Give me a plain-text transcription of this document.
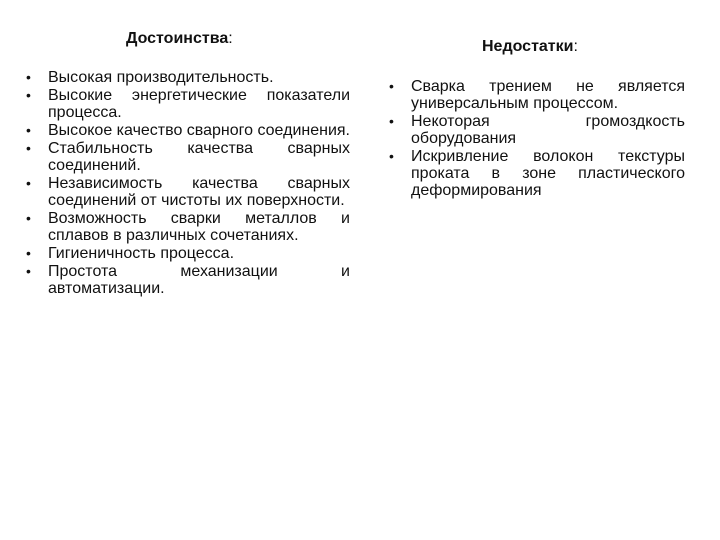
Достоинства:
• Высокая производительность.
• Высокие энергетические показатели процесса.
• Высокое качество сварного соединения.
• Стабильность качества сварных соединений.
• Независимость качества сварных соединений от чистоты их поверхности.
• Возможность сварки металлов и сплавов в различных сочетаниях.
• Гигиеничность процесса.
• Простота механизации и автоматизации.
Недостатки:
• Сварка трением не является универсальным процессом.
• Некоторая громоздкость оборудования
• Искривление волокон текстуры проката в зоне пластического деформирования
